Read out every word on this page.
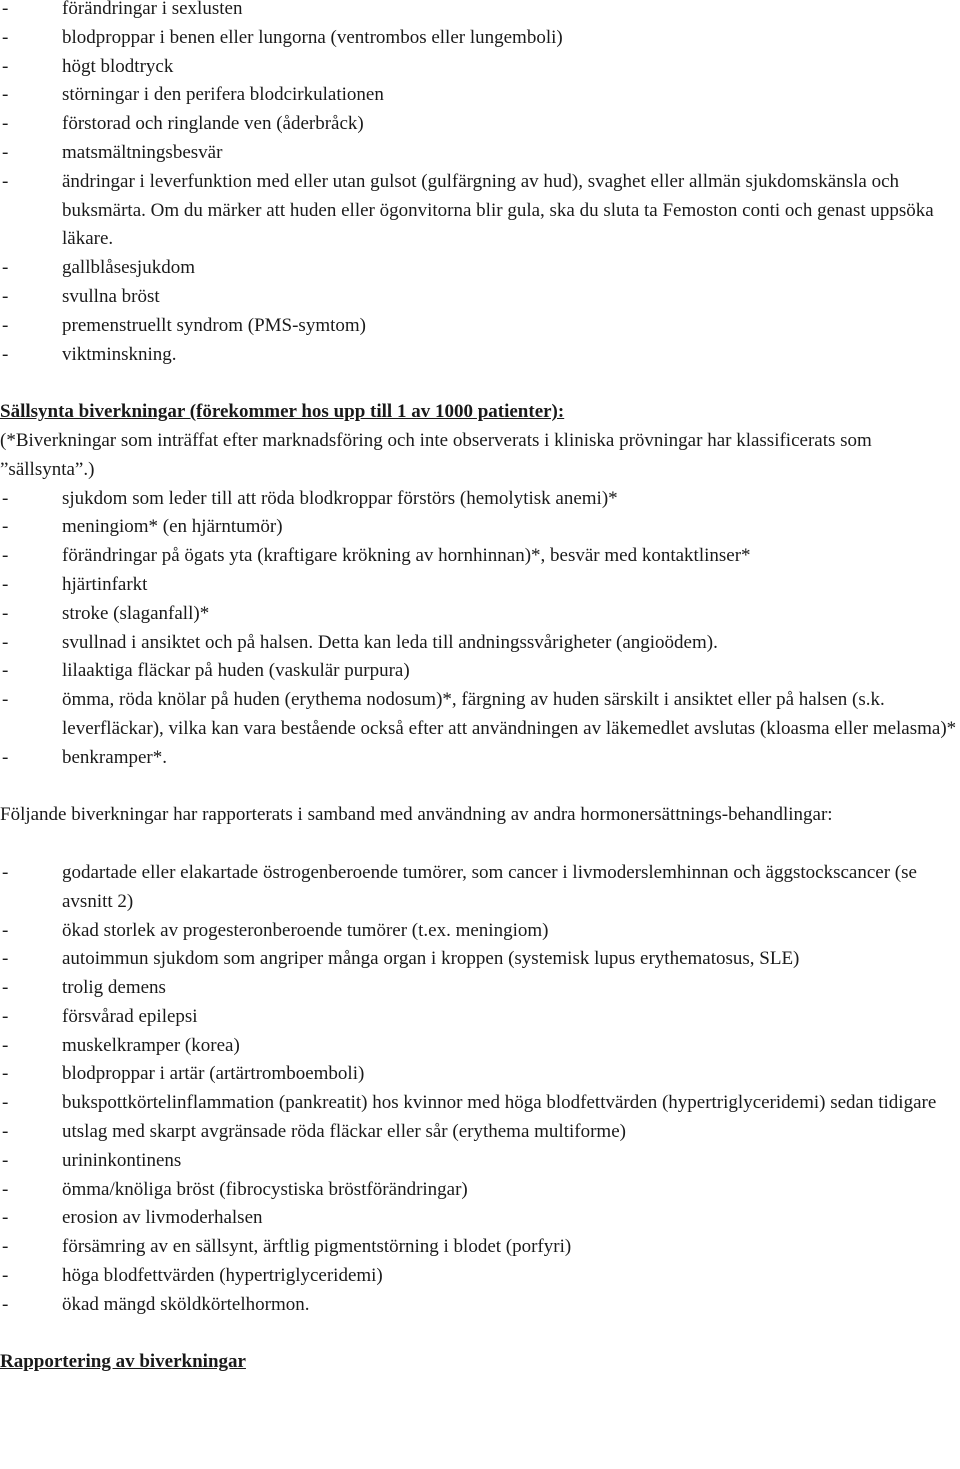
-	förändringar i sexlusten
-	blodproppar i benen eller lungorna (ventrombos eller lungemboli)
-	högt blodtryck
-	störningar i den perifera blodcirkulationen
-	förstorad och ringlande ven (åderbråck)
-	matsmältningsbesvär
-	ändringar i leverfunktion med eller utan gulsot (gulfärgning av hud), svaghet eller allmän sjukdomskänsla och buksmärta. Om du märker att huden eller ögonvitorna blir gula, ska du sluta ta Femoston conti och genast uppsöka läkare.
-	gallblåsesjukdom
-	svullna bröst
-	premenstruellt syndrom (PMS-symtom)
-	viktminskning.

Sällsynta biverkningar (förekommer hos upp till 1 av 1000 patienter):

(*Biverkningar som inträffat efter marknadsföring och inte observerats i kliniska prövningar har klassificerats som ”sällsynta”.)

-	sjukdom som leder till att röda blodkroppar förstörs (hemolytisk anemi)*
-	meningiom* (en hjärntumör)
-	förändringar på ögats yta (kraftigare krökning av hornhinnan)*, besvär med kontaktlinser*
-	hjärtinfarkt
-	stroke (slaganfall)*
-	svullnad i ansiktet och på halsen. Detta kan leda till andningssvårigheter (angioödem).
-	lilaaktiga fläckar på huden (vaskulär purpura)
-	ömma, röda knölar på huden (erythema nodosum)*, färgning av huden särskilt i ansiktet eller på halsen (s.k. leverfläckar), vilka kan vara bestående också efter att användningen av läkemedlet avslutas (kloasma eller melasma)*
-	benkramper*.

Följande biverkningar har rapporterats i samband med användning av andra hormonersättnings-behandlingar:

-	godartade eller elakartade östrogenberoende tumörer, som cancer i livmoderslemhinnan och äggstockscancer (se avsnitt 2)
-	ökad storlek av progesteronberoende tumörer (t.ex. meningiom)
-	autoimmun sjukdom som angriper många organ i kroppen (systemisk lupus erythematosus, SLE)
-	trolig demens
-	försvårad epilepsi
-	muskelkramper (korea)
-	blodproppar i artär (artärtromboemboli)
-	bukspottkörtelinflammation (pankreatit) hos kvinnor med höga blodfettvärden (hypertriglyceridemi) sedan tidigare
-	utslag med skarpt avgränsade röda fläckar eller sår (erythema multiforme)
-	urininkontinens
-	ömma/knöliga bröst (fibrocystiska bröstförändringar)
-	erosion av livmoderhalsen
-	försämring av en sällsynt, ärftlig pigmentstörning i blodet (porfyri)
-	höga blodfettvärden (hypertriglyceridemi)
-	ökad mängd sköldkörtelhormon.

Rapportering av biverkningar
